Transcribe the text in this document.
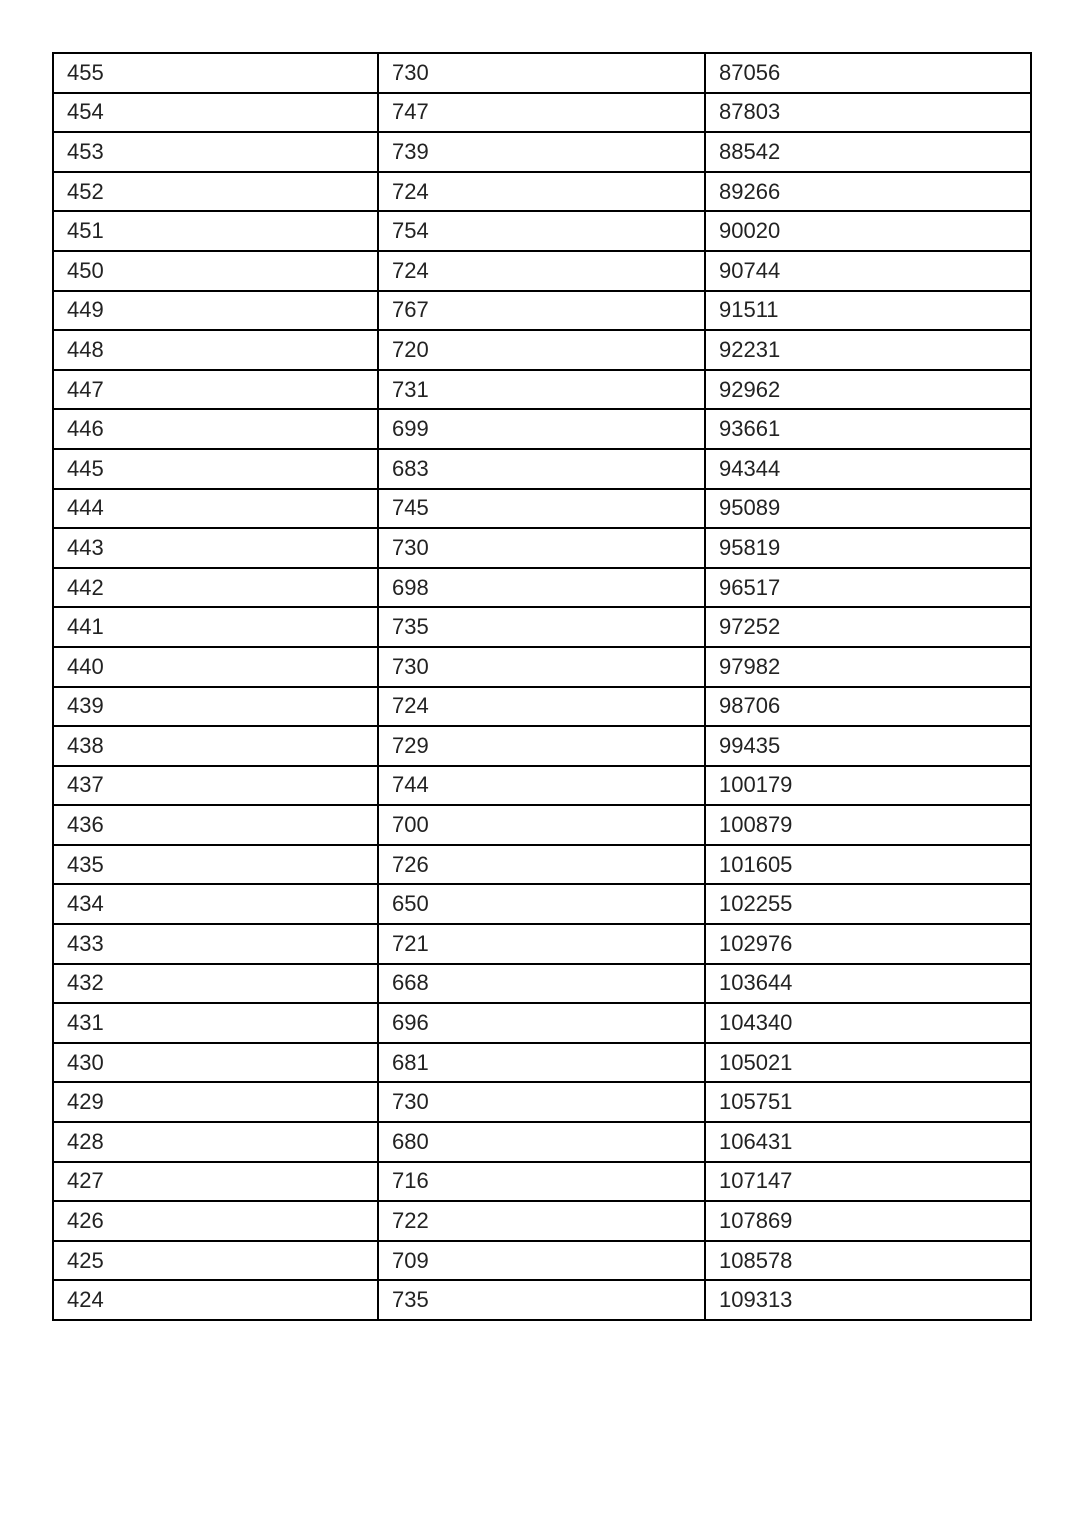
455	730	87056
454	747	87803
453	739	88542
452	724	89266
451	754	90020
450	724	90744
449	767	91511
448	720	92231
447	731	92962
446	699	93661
445	683	94344
444	745	95089
443	730	95819
442	698	96517
441	735	97252
440	730	97982
439	724	98706
438	729	99435
437	744	100179
436	700	100879
435	726	101605
434	650	102255
433	721	102976
432	668	103644
431	696	104340
430	681	105021
429	730	105751
428	680	106431
427	716	107147
426	722	107869
425	709	108578
424	735	109313
